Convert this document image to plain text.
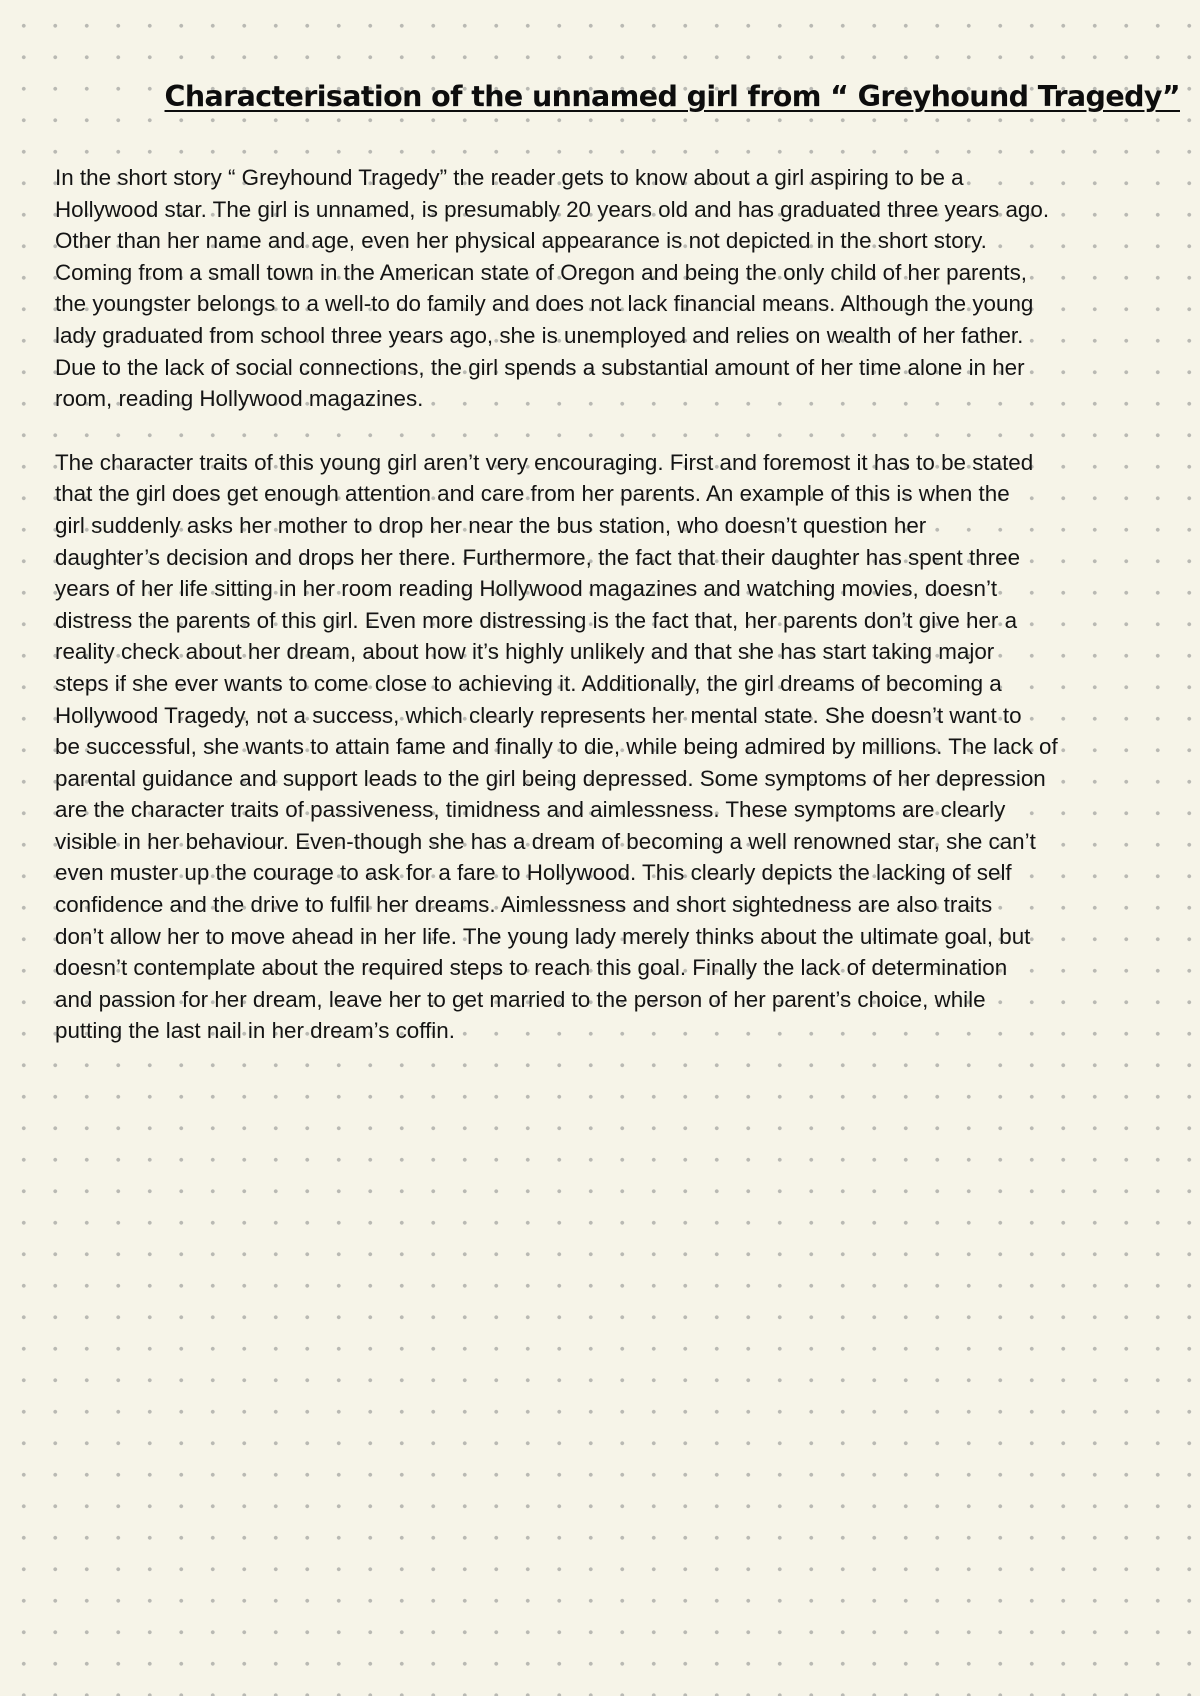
Characterisation of the unnamed girl from “ Greyhound Tragedy”

In the short story “ Greyhound Tragedy” the reader gets to know about a girl aspiring to be a
Hollywood star. The girl is unnamed, is presumably 20 years old and has graduated three years ago.
Other than her name and age, even her physical appearance is not depicted in the short story.
Coming from a small town in the American state of Oregon and being the only child of her parents,
the youngster belongs to a well-to do family and does not lack financial means. Although the young
lady graduated from school three years ago, she is unemployed and relies on wealth of her father.
Due to the lack of social connections, the girl spends a substantial amount of her time alone in her
room, reading Hollywood magazines.

The character traits of this young girl aren’t very encouraging. First and foremost it has to be stated
that the girl does get enough attention and care from her parents. An example of this is when the
girl suddenly asks her mother to drop her near the bus station, who doesn’t question her
daughter’s decision and drops her there. Furthermore, the fact that their daughter has spent three
years of her life sitting in her room reading Hollywood magazines and watching movies, doesn’t
distress the parents of this girl. Even more distressing is the fact that, her parents don’t give her a
reality check about her dream, about how it’s highly unlikely and that she has start taking major
steps if she ever wants to come close to achieving it. Additionally, the girl dreams of becoming a
Hollywood Tragedy, not a success, which clearly represents her mental state. She doesn’t want to
be successful, she wants to attain fame and finally to die, while being admired by millions. The lack of
parental guidance and support leads to the girl being depressed. Some symptoms of her depression
are the character traits of passiveness, timidness and aimlessness. These symptoms are clearly
visible in her behaviour. Even-though she has a dream of becoming a well renowned star, she can’t
even muster up the courage to ask for a fare to Hollywood. This clearly depicts the lacking of self
confidence and the drive to fulfil her dreams. Aimlessness and short sightedness are also traits
don’t allow her to move ahead in her life. The young lady merely thinks about the ultimate goal, but
doesn’t contemplate about the required steps to reach this goal. Finally the lack of determination
and passion for her dream, leave her to get married to the person of her parent’s choice, while
putting the last nail in her dream’s coffin.
